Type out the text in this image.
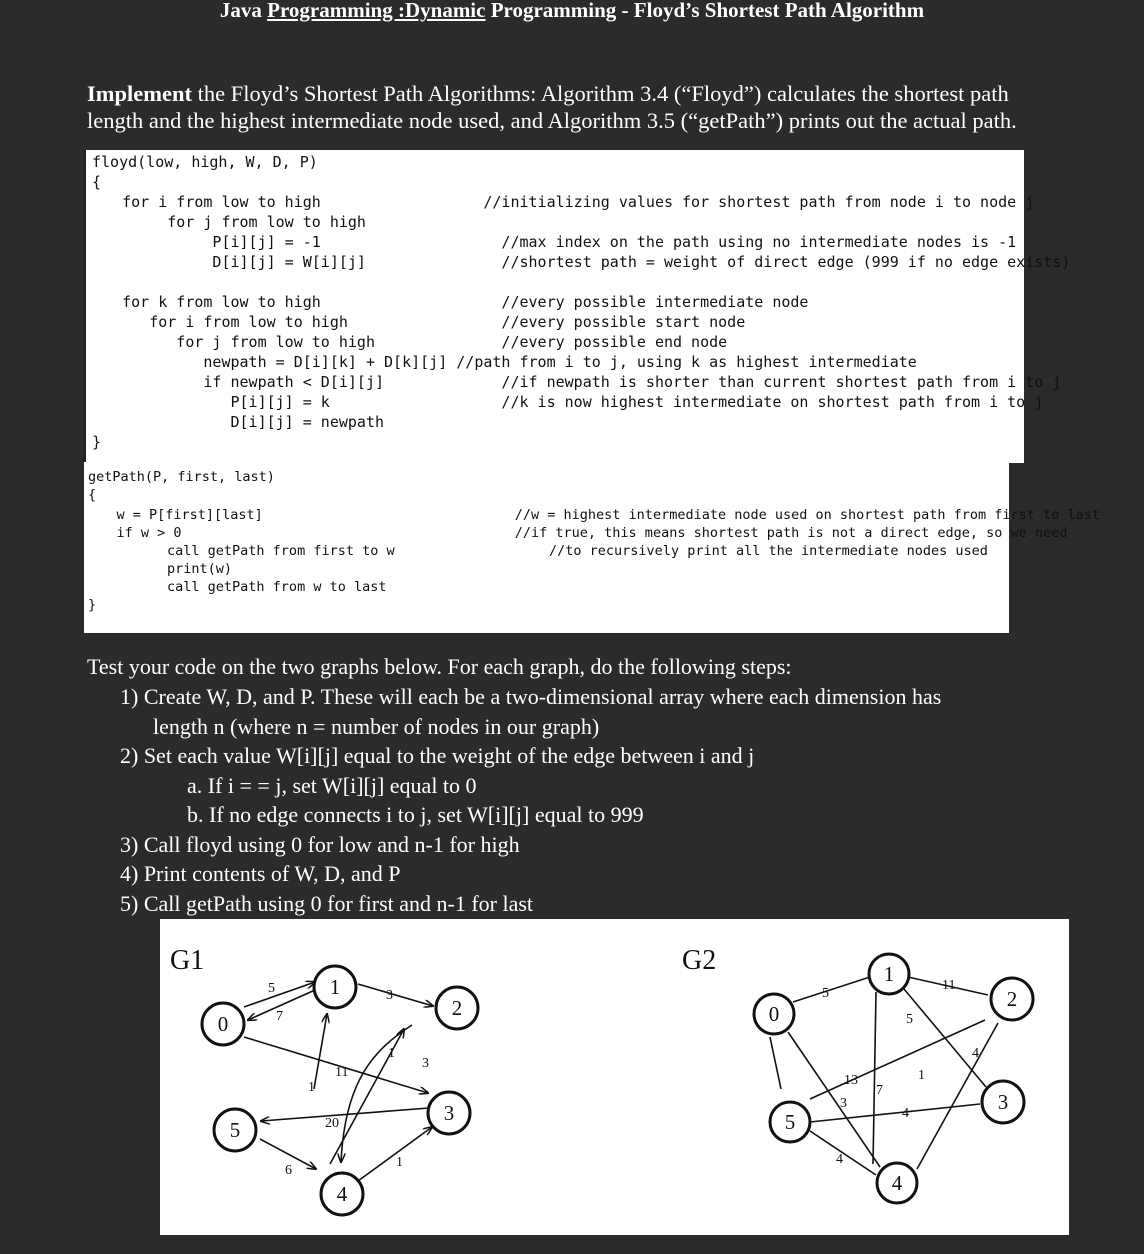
Java Programming :Dynamic Programming - Floyd’s Shortest Path Algorithm
Implement the Floyd’s Shortest Path Algorithms: Algorithm 3.4 (“Floyd”) calculates the shortest path length and the highest intermediate node used, and Algorithm 3.5 (“getPath”) prints out the actual path.

floyd(low, high, W, D, P)

{

for i from low to high                  //initializing values for shortest path from node i to node j

for j from low to high

P[i][j] = -1                    //max index on the path using no intermediate nodes is -1

D[i][j] = W[i][j]               //shortest path = weight of direct edge (999 if no edge exists)

for k from low to high                    //every possible intermediate node

for i from low to high                 //every possible start node

for j from low to high              //every possible end node

newpath = D[i][k] + D[k][j] //path from i to j, using k as highest intermediate

if newpath < D[i][j]             //if newpath is shorter than current shortest path from i to j

P[i][j] = k                   //k is now highest intermediate on shortest path from i to j

D[i][j] = newpath

}

getPath(P, first, last)

{

w = P[first][last]                               //w = highest intermediate node used on shortest path from first to last

if w > 0                                         //if true, this means shortest path is not a direct edge, so we need

call getPath from first to w                   //to recursively print all the intermediate nodes used

print(w)

call getPath from w to last

}

Test your code on the two graphs below. For each graph, do the following steps:
1) Create W, D, and P. These will each be a two-dimensional array where each dimension has
length n (where n = number of nodes in our graph)
2) Set each value W[i][j] equal to the weight of the edge between i and j
a. If i = = j, set W[i][j] equal to 0
b. If no edge connects i to j, set W[i][j] equal to 999
3) Call floyd using 0 for low and n-1 for high
4) Print contents of W, D, and P
5) Call getPath using 0 for first and n-1 for last
G1
5
7
3
11
1
1
3
20
6
1
0
1
2
3
4
5
G2
5
11
5
4
13
3
7
1
4
4
0
1
2
3
4
5
